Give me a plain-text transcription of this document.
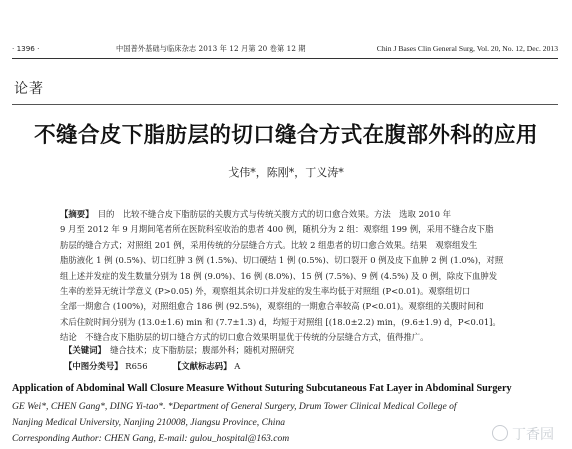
· 1396 ·	中国普外基础与临床杂志 2013 年 12 月第 20 卷第 12 期	Chin J Bases Clin General Surg, Vol. 20, No. 12, Dec. 2013
论著
不缝合皮下脂肪层的切口缝合方式在腹部外科的应用
戈伟*，陈刚*，丁义涛*
【摘要】　 目的　比较不缝合皮下脂肪层的关腹方式与传统关腹方式的切口愈合效果。方法　选取 2010 年
9 月至 2012 年 9 月期间笔者所在医院科室收治的患者 400 例，随机分为 2 组：观察组 199 例，采用不缝合皮下脂
肪层的缝合方式；对照组 201 例，采用传统的分层缝合方式。比较 2 组患者的切口愈合效果。结果　观察组发生
脂肪液化 1 例 (0.5%)、切口红肿 3 例 (1.5%)、切口硬结 1 例 (0.5%)、切口裂开 0 例及皮下血肿 2 例 (1.0%)，对照
组上述并发症的发生数量分别为 18 例 (9.0%)、16 例 (8.0%)、15 例 (7.5%)、9 例 (4.5%) 及 0 例，除皮下血肿发
生率的差异无统计学意义 (P>0.05) 外，观察组其余切口并发症的发生率均低于对照组 (P<0.01)。观察组切口
全部一期愈合 (100%)，对照组愈合 186 例 (92.5%)，观察组的一期愈合率较高 (P<0.01)。观察组的关腹时间和
术后住院时间分别为 (13.0±1.6) min 和 (7.7±1.3) d，均短于对照组 [(18.0±2.2) min，(9.6±1.9) d，P<0.01]。
结论　不缝合皮下脂肪层的切口缝合方式的切口愈合效果明显优于传统的分层缝合方式，值得推广。
【关键词】　 缝合技术；皮下脂肪层；腹部外科；随机对照研究
【中图分类号】 R656	【文献标志码】 A
Application of Abdominal Wall Closure Measure Without Suturing Subcutaneous Fat Layer in Abdominal Surgery
GE Wei*, CHEN Gang*, DING Yi-tao*. *Department of General Surgery, Drum Tower Clinical Medical College of
Nanjing Medical University, Nanjing 210008, Jiangsu Province, China
Corresponding Author: CHEN Gang, E-mail: gulou_hospital@163.com	丁香园
